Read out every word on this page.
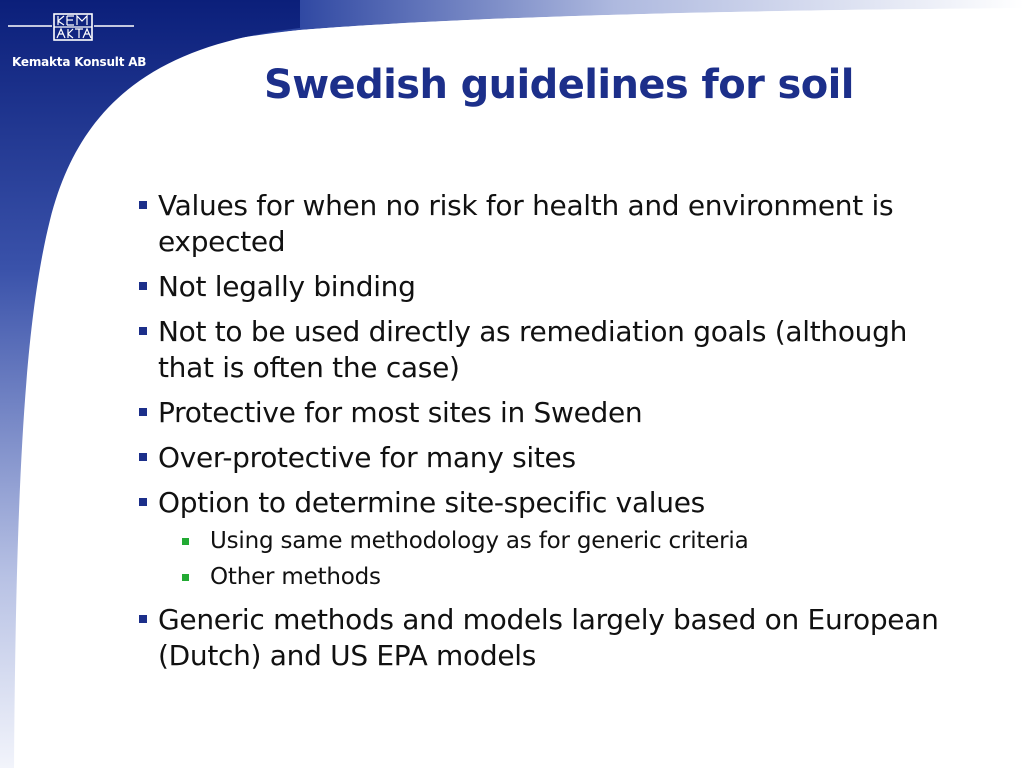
Kemakta Konsult AB	Swedish guidelines for soil
Values for when no risk for health and environment is expected
Not legally binding
Not to be used directly as remediation goals (although that is often the case)
Protective for most sites in Sweden
Over-protective for many sites
Option to determine site-specific values
Using same methodology as for generic criteria
Other methods
Generic methods and models largely based on European (Dutch) and US EPA models
